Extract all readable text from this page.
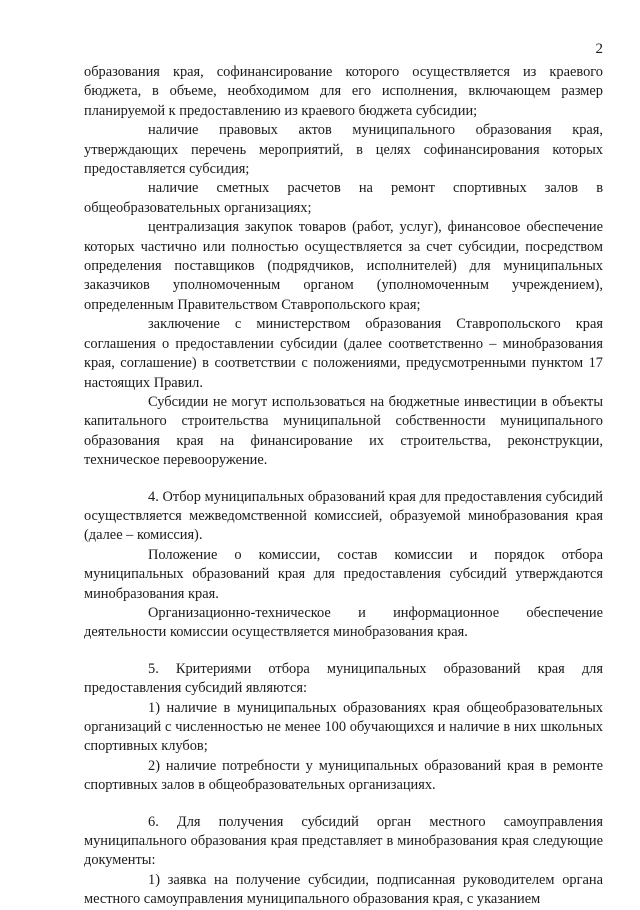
2

образования края, софинансирование которого осуществляется из краевого бюджета, в объеме, необходимом для его исполнения, включающем размер планируемой к предоставлению из краевого бюджета субсидии;

наличие правовых актов муниципального образования края, утверждающих перечень мероприятий, в целях софинансирования которых предоставляется субсидия;

наличие сметных расчетов на ремонт спортивных залов в общеобразовательных организациях;

централизация закупок товаров (работ, услуг), финансовое обеспечение которых частично или полностью осуществляется за счет субсидии, посредством определения поставщиков (подрядчиков, исполнителей) для муниципальных заказчиков уполномоченным органом (уполномоченным учреждением), определенным Правительством Ставропольского края;

заключение с министерством образования Ставропольского края соглашения о предоставлении субсидии (далее соответственно – минобразования края, соглашение) в соответствии с положениями, предусмотренными пунктом 17 настоящих Правил.

Субсидии не могут использоваться на бюджетные инвестиции в объекты капитального строительства муниципальной собственности муниципального образования края на финансирование их строительства, реконструкции, техническое перевооружение.

4. Отбор муниципальных образований края для предоставления субсидий осуществляется межведомственной комиссией, образуемой минобразования края (далее – комиссия).

Положение о комиссии, состав комиссии и порядок отбора муниципальных образований края для предоставления субсидий утверждаются минобразования края.

Организационно-техническое и информационное обеспечение деятельности комиссии осуществляется минобразования края.

5. Критериями отбора муниципальных образований края для предоставления субсидий являются:

1) наличие в муниципальных образованиях края общеобразовательных организаций с численностью не менее 100 обучающихся и наличие в них школьных спортивных клубов;

2) наличие потребности у муниципальных образований края в ремонте спортивных залов в общеобразовательных организациях.

6. Для получения субсидий орган местного самоуправления муниципального образования края представляет в минобразования края следующие документы:

1) заявка на получение субсидии, подписанная руководителем органа местного самоуправления муниципального образования края, с указанием
